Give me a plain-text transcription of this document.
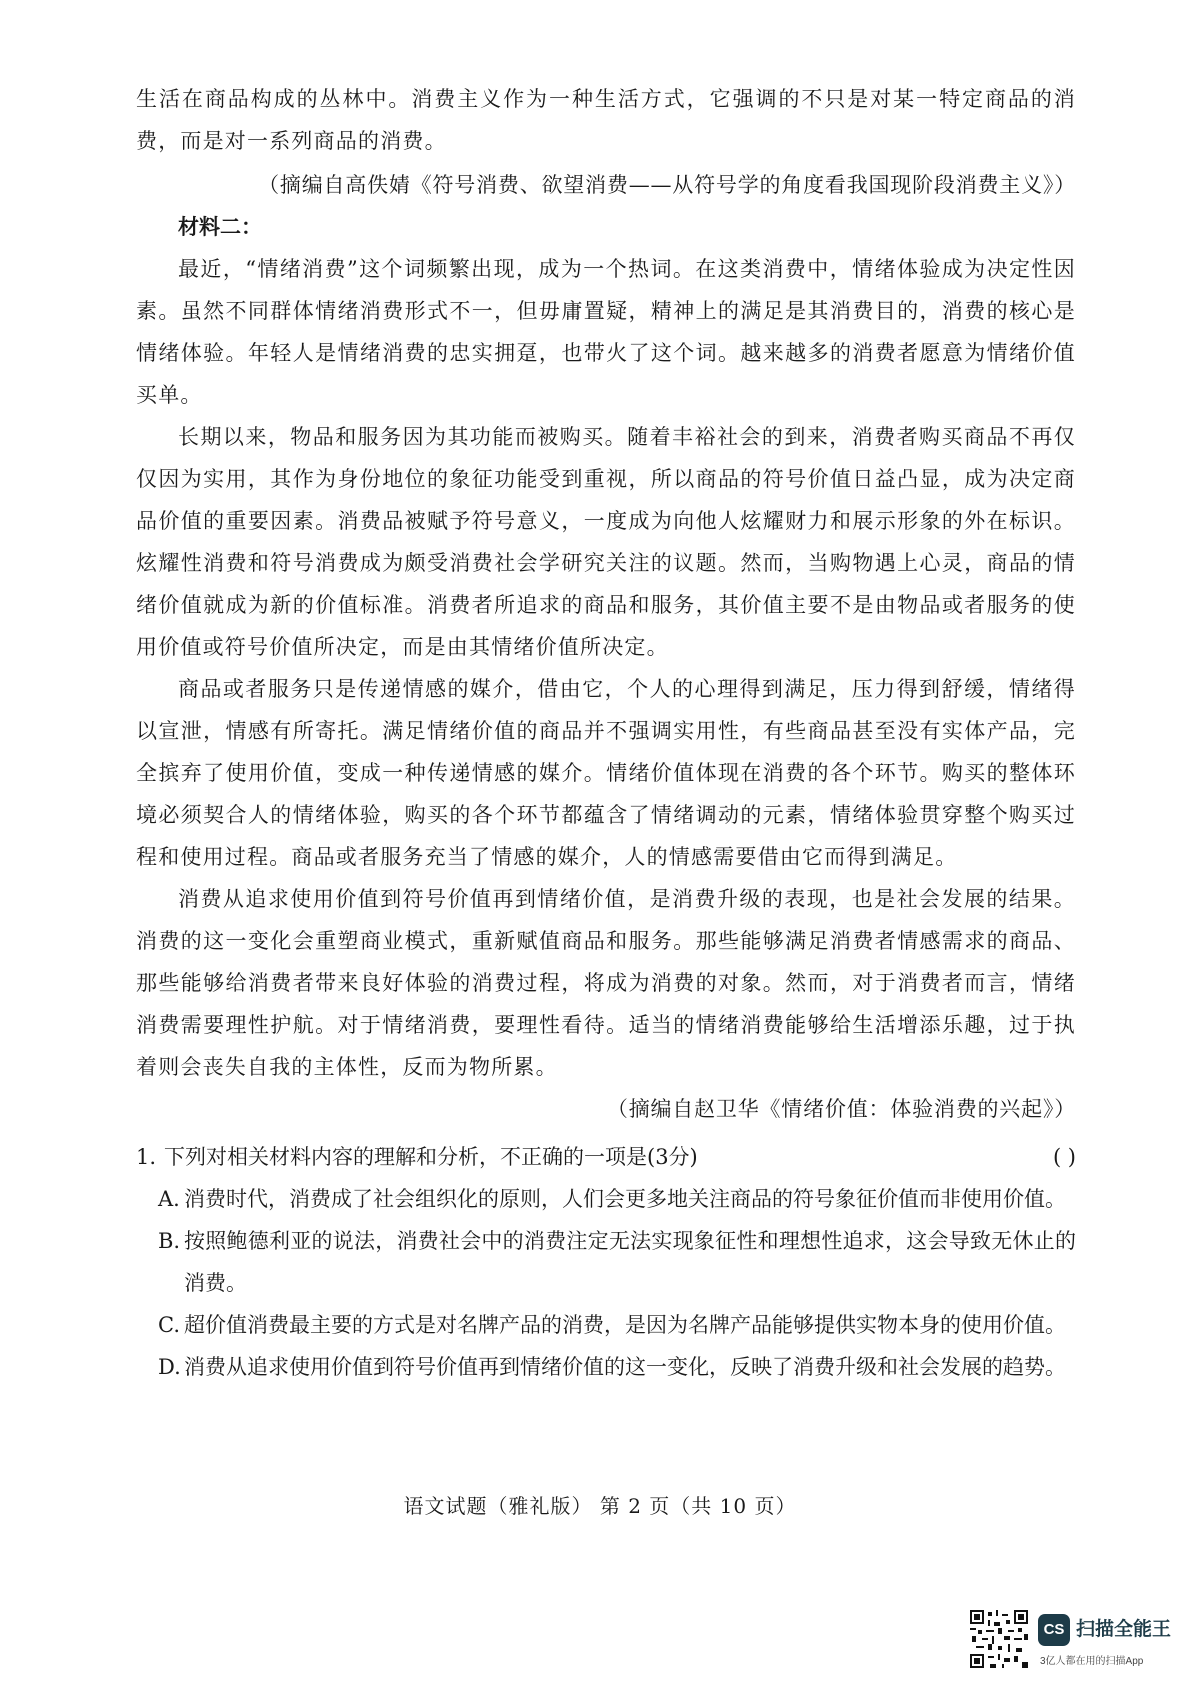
生活在商品构成的丛林中。消费主义作为一种生活方式，它强调的不只是对某一特定商品的消费，而是对一系列商品的消费。

（摘编自高佚婧《符号消费、欲望消费——从符号学的角度看我国现阶段消费主义》）

材料二：

最近，“情绪消费”这个词频繁出现，成为一个热词。在这类消费中，情绪体验成为决定性因素。虽然不同群体情绪消费形式不一，但毋庸置疑，精神上的满足是其消费目的，消费的核心是情绪体验。年轻人是情绪消费的忠实拥趸，也带火了这个词。越来越多的消费者愿意为情绪价值买单。

长期以来，物品和服务因为其功能而被购买。随着丰裕社会的到来，消费者购买商品不再仅仅因为实用，其作为身份地位的象征功能受到重视，所以商品的符号价值日益凸显，成为决定商品价值的重要因素。消费品被赋予符号意义，一度成为向他人炫耀财力和展示形象的外在标识。炫耀性消费和符号消费成为颇受消费社会学研究关注的议题。然而，当购物遇上心灵，商品的情绪价值就成为新的价值标准。消费者所追求的商品和服务，其价值主要不是由物品或者服务的使用价值或符号价值所决定，而是由其情绪价值所决定。

商品或者服务只是传递情感的媒介，借由它，个人的心理得到满足，压力得到舒缓，情绪得以宣泄，情感有所寄托。满足情绪价值的商品并不强调实用性，有些商品甚至没有实体产品，完全摈弃了使用价值，变成一种传递情感的媒介。情绪价值体现在消费的各个环节。购买的整体环境必须契合人的情绪体验，购买的各个环节都蕴含了情绪调动的元素，情绪体验贯穿整个购买过程和使用过程。商品或者服务充当了情感的媒介，人的情感需要借由它而得到满足。

消费从追求使用价值到符号价值再到情绪价值，是消费升级的表现，也是社会发展的结果。消费的这一变化会重塑商业模式，重新赋值商品和服务。那些能够满足消费者情感需求的商品、那些能够给消费者带来良好体验的消费过程，将成为消费的对象。然而，对于消费者而言，情绪消费需要理性护航。对于情绪消费，要理性看待。适当的情绪消费能够给生活增添乐趣，过于执着则会丧失自我的主体性，反而为物所累。

（摘编自赵卫华《情绪价值：体验消费的兴起》）

1. 下列对相关材料内容的理解和分析，不正确的一项是(3分)	( )

A. 消费时代，消费成了社会组织化的原则，人们会更多地关注商品的符号象征价值而非使用价值。

B. 按照鲍德利亚的说法，消费社会中的消费注定无法实现象征性和理想性追求，这会导致无休止的消费。

C. 超价值消费最主要的方式是对名牌产品的消费，是因为名牌产品能够提供实物本身的使用价值。

D. 消费从追求使用价值到符号价值再到情绪价值的这一变化，反映了消费升级和社会发展的趋势。

语文试题（雅礼版） 第 2 页（共 10 页）
CS 扫描全能王
3亿人都在用的扫描App
